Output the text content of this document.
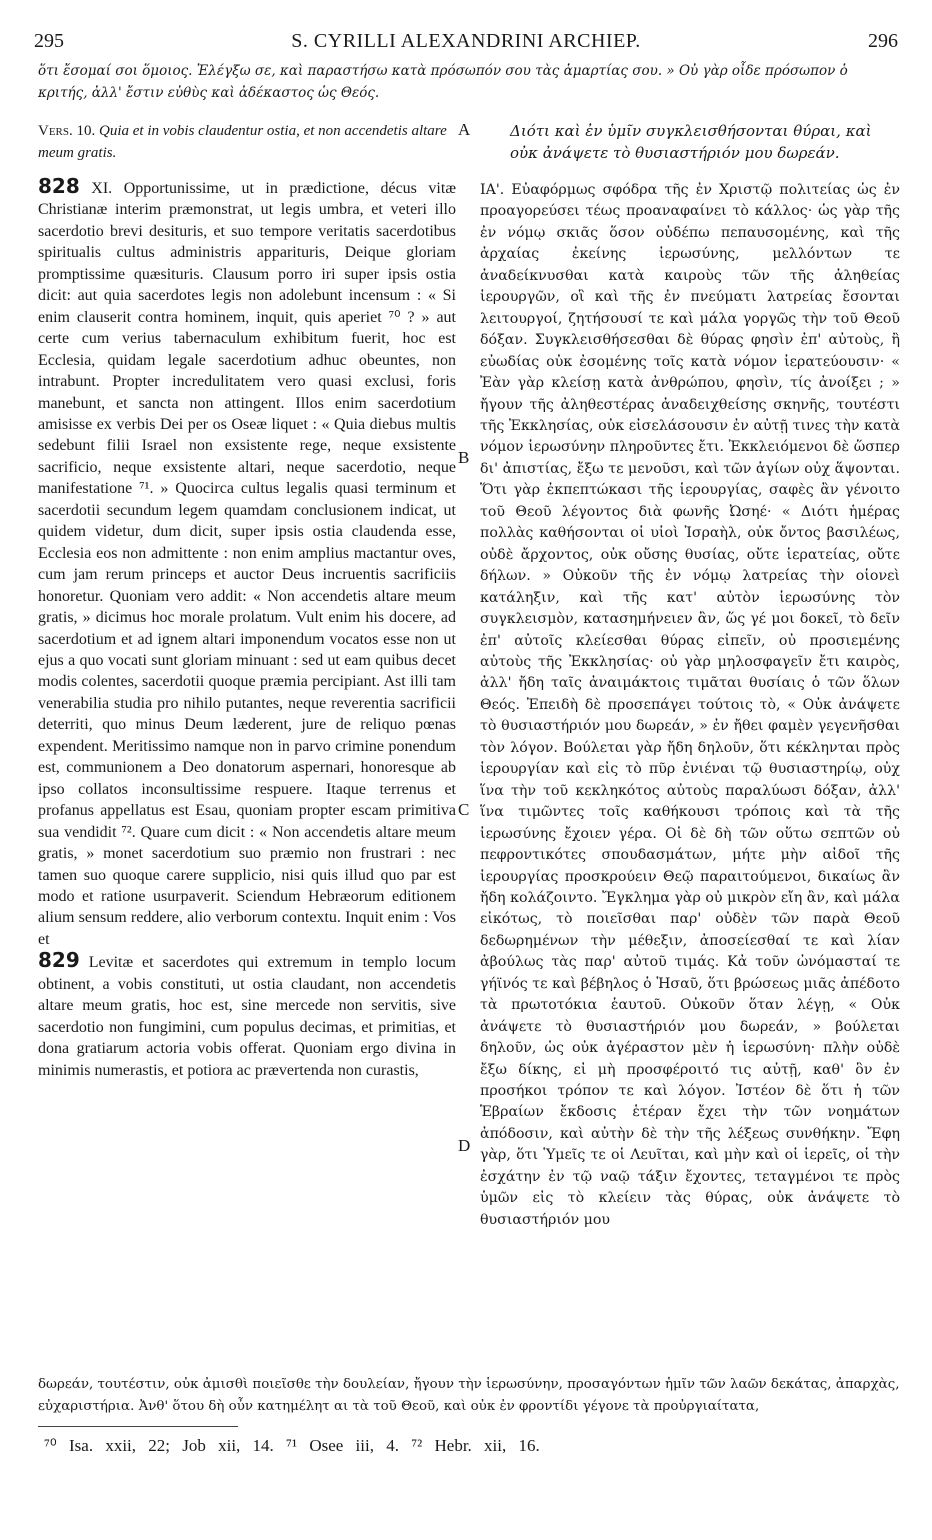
295	S. CYRILLI ALEXANDRINI ARCHIEP.	296
ὅτι ἔσομαί σοι ὅμοιος. Ἐλέγξω σε, καὶ παραστήσω κατὰ πρόσωπόν σου τὰς ἁμαρτίας σου. » Οὐ γὰρ οἶδε πρόσωπον ὁ κριτής, ἀλλ' ἔστιν εὐθὺς καὶ ἀδέκαστος ὡς Θεός.
Vers. 10. Quia et in vobis claudentur ostia, et non accendetis altare meum gratis.
Διότι καὶ ἐν ὑμῖν συγκλεισθήσονται θύραι, καὶ οὐκ ἀνάψετε τὸ θυσιαστήριόν μου δωρεάν.
A
B
C
D

828 XI. Opportunissime, ut in prædictione, décus vitæ Christianæ interim præmonstrat, ut legis umbra, et veteri illo sacerdotio brevi desituris, et suo tempore veritatis sacerdotibus spiritualis cultus administris apparituris, Deique gloriam promptissime quæsituris. Clausum porro iri super ipsis ostia dicit: aut quia sacerdotes legis non adolebunt incensum : « Si enim clauserit contra hominem, inquit, quis aperiet ⁷⁰ ? » aut certe cum verius tabernaculum exhibitum fuerit, hoc est Ecclesia, quidam legale sacerdotium adhuc obeuntes, non intrabunt. Propter incredulitatem vero quasi exclusi, foris manebunt, et sancta non attingent. Illos enim sacerdotium amisisse ex verbis Dei per os Oseæ liquet : « Quia diebus multis sedebunt filii Israel non exsistente rege, neque exsistente sacrificio, neque exsistente altari, neque sacerdotio, neque manifestatione ⁷¹. » Quocirca cultus legalis quasi terminum et sacerdotii secundum legem quamdam conclusionem indicat, ut quidem videtur, dum dicit, super ipsis ostia claudenda esse, Ecclesia eos non admittente : non enim amplius mactantur oves, cum jam rerum princeps et auctor Deus incruentis sacrificiis honoretur. Quoniam vero addit: « Non accendetis altare meum gratis, » dicimus hoc morale prolatum. Vult enim his docere, ad sacerdotium et ad ignem altari imponendum vocatos esse non ut ejus a quo vocati sunt gloriam minuant : sed ut eam quibus decet modis colentes, sacerdotii quoque præmia percipiant. Ast illi tam venerabilia studia pro nihilo putantes, neque reverentia sacrificii deterriti, quo minus Deum læderent, jure de reliquo pœnas expendent. Meritissimo namque non in parvo crimine ponendum est, communionem a Deo donatorum aspernari, honoresque ab ipso collatos inconsultissime respuere. Itaque terrenus et profanus appellatus est Esau, quoniam propter escam primitiva sua vendidit ⁷². Quare cum dicit : « Non accendetis altare meum gratis, » monet sacerdotium suo præmio non frustrari : nec tamen suo quoque carere supplicio, nisi quis illud quo par est modo et ratione usurpaverit. Sciendum Hebræorum editionem alium sensum reddere, alio verborum contextu. Inquit enim : Vos et

829 Levitæ et sacerdotes qui extremum in templo locum obtinent, a vobis constituti, ut ostia claudant, non accendetis altare meum gratis, hoc est, sine mercede non servitis, sive sacerdotio non fungimini, cum populus decimas, et primitias, et dona gratiarum actoria vobis offerat. Quoniam ergo divina in minimis numerastis, et potiora ac prævertenda non curastis,

ΙΑ'. Εὐαφόρμως σφόδρα τῆς ἐν Χριστῷ πολιτείας ὡς ἐν προαγορεύσει τέως προαναφαίνει τὸ κάλλος· ὡς γὰρ τῆς ἐν νόμῳ σκιᾶς ὅσον οὐδέπω πεπαυσομένης, καὶ τῆς ἀρχαίας ἐκείνης ἱερωσύνης, μελλόντων τε ἀναδείκνυσθαι κατὰ καιροὺς τῶν τῆς ἀληθείας ἱερουργῶν, οἳ καὶ τῆς ἐν πνεύματι λατρείας ἔσονται λειτουργοί, ζητήσουσί τε καὶ μάλα γοργῶς τὴν τοῦ Θεοῦ δόξαν. Συγκλεισθήσεσθαι δὲ θύρας φησὶν ἐπ' αὐτοὺς, ἢ εὐωδίας οὐκ ἐσομένης τοῖς κατὰ νόμον ἱερατεύουσιν· « Ἐὰν γὰρ κλείσῃ κατὰ ἀνθρώπου, φησὶν, τίς ἀνοίξει ; » ἤγουν τῆς ἀληθεστέρας ἀναδειχθείσης σκηνῆς, τουτέστι τῆς Ἐκκλησίας, οὐκ εἰσελάσουσιν ἐν αὐτῇ τινες τὴν κατὰ νόμον ἱερωσύνην πληροῦντες ἔτι. Ἐκκλειόμενοι δὲ ὥσπερ δι' ἀπιστίας, ἔξω τε μενοῦσι, καὶ τῶν ἁγίων οὐχ ἅψονται. Ὅτι γὰρ ἐκπεπτώκασι τῆς ἱερουργίας, σαφὲς ἂν γένοιτο τοῦ Θεοῦ λέγοντος διὰ φωνῆς Ὠσηέ· « Διότι ἡμέρας πολλὰς καθήσονται οἱ υἱοὶ Ἰσραὴλ, οὐκ ὄντος βασιλέως, οὐδὲ ἄρχοντος, οὐκ οὔσης θυσίας, οὔτε ἱερατείας, οὔτε δήλων. » Οὐκοῦν τῆς ἐν νόμῳ λατρείας τὴν οἱονεὶ κατάληξιν, καὶ τῆς κατ' αὐτὸν ἱερωσύνης τὸν συγκλεισμὸν, κατασημήνειεν ἂν, ὥς γέ μοι δοκεῖ, τὸ δεῖν ἐπ' αὐτοῖς κλείεσθαι θύρας εἰπεῖν, οὐ προσιεμένης αὐτοὺς τῆς Ἐκκλησίας· οὐ γὰρ μηλοσφαγεῖν ἔτι καιρὸς, ἀλλ' ἤδη ταῖς ἀναιμάκτοις τιμᾶται θυσίαις ὁ τῶν ὅλων Θεός. Ἐπειδὴ δὲ προσεπάγει τούτοις τὸ, « Οὐκ ἀνάψετε τὸ θυσιαστήριόν μου δωρεάν, » ἐν ἤθει φαμὲν γεγενῆσθαι τὸν λόγον. Βούλεται γὰρ ἤδη δηλοῦν, ὅτι κέκληνται πρὸς ἱερουργίαν καὶ εἰς τὸ πῦρ ἐνιέναι τῷ θυσιαστηρίῳ, οὐχ ἵνα τὴν τοῦ κεκληκότος αὐτοὺς παραλύωσι δόξαν, ἀλλ' ἵνα τιμῶντες τοῖς καθήκουσι τρόποις καὶ τὰ τῆς ἱερωσύνης ἔχοιεν γέρα. Οἱ δὲ δὴ τῶν οὕτω σεπτῶν οὐ πεφροντικότες σπουδασμάτων, μήτε μὴν αἰδοῖ τῆς ἱερουργίας προσκρούειν Θεῷ παραιτούμενοι, δικαίως ἂν ἤδη κολάζοιντο. Ἔγκλημα γὰρ οὐ μικρὸν εἴη ἂν, καὶ μάλα εἰκότως, τὸ ποιεῖσθαι παρ' οὐδὲν τῶν παρὰ Θεοῦ δεδωρημένων τὴν μέθεξιν, ἀποσείεσθαί τε καὶ λίαν ἀβούλως τὰς παρ' αὐτοῦ τιμάς. Κἀ τοῦν ὠνόμασταί τε γήϊνός τε καὶ βέβηλος ὁ Ἡσαῦ, ὅτι βρώσεως μιᾶς ἀπέδοτο τὰ πρωτοτόκια ἑαυτοῦ. Οὐκοῦν ὅταν λέγῃ, « Οὐκ ἀνάψετε τὸ θυσιαστήριόν μου δωρεάν, » βούλεται δηλοῦν, ὡς οὐκ ἀγέραστον μὲν ἡ ἱερωσύνη· πλὴν οὐδὲ ἔξω δίκης, εἰ μὴ προσφέροιτό τις αὐτῇ, καθ' ὃν ἐν προσήκοι τρόπον τε καὶ λόγον. Ἰστέον δὲ ὅτι ἡ τῶν Ἑβραίων ἔκδοσις ἑτέραν ἔχει τὴν τῶν νοημάτων ἀπόδοσιν, καὶ αὐτὴν δὲ τὴν τῆς λέξεως συνθήκην. Ἔφη γὰρ, ὅτι Ὑμεῖς τε οἱ Λευῖται, καὶ μὴν καὶ οἱ ἱερεῖς, οἱ τὴν ἐσχάτην ἐν τῷ ναῷ τάξιν ἔχοντες, τεταγμένοι τε πρὸς ὑμῶν εἰς τὸ κλείειν τὰς θύρας, οὐκ ἀνάψετε τὸ θυσιαστήριόν μου

δωρεάν, τουτέστιν, οὐκ ἀμισθὶ ποιεῖσθε τὴν δουλείαν, ἤγουν τὴν ἱερωσύνην, προσαγόντων ἡμῖν τῶν λαῶν δεκάτας, ἀπαρχὰς, εὐχαριστήρια. Ἀνθ' ὅτου δὴ οὖν κατημέλητ αι τὰ τοῦ Θεοῦ, καὶ οὐκ ἐν φροντίδι γέγονε τὰ προὐργιαίτατα,
⁷⁰ Isa. xxii, 22; Job xii, 14. ⁷¹ Osee iii, 4. ⁷² Hebr. xii, 16.
